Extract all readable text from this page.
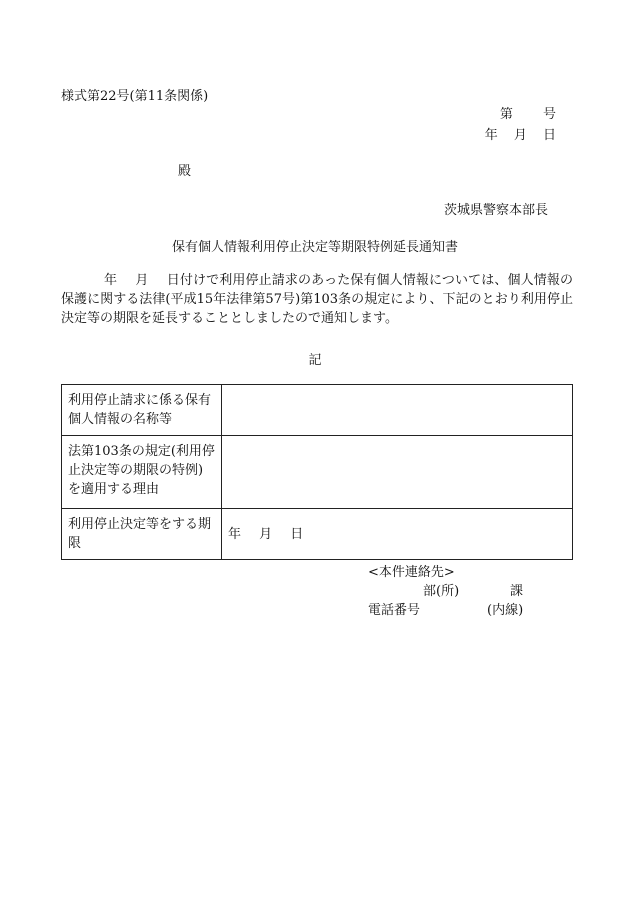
様式第22号(第11条関係)
第 号
年 月 日
殿
茨城県警察本部長
保有個人情報利用停止決定等期限特例延長通知書
年 月 日付けで利用停止請求のあった保有個人情報については、個人情報の保護に関する法律(平成15年法律第57号)第103条の規定により、下記のとおり利用停止決定等の期限を延長することとしましたので通知します。
記
利用停止請求に係る保有個人情報の名称等	
法第103条の規定(利用停止決定等の期限の特例)を適用する理由	
利用停止決定等をする期限	年 月 日
<本件連絡先>
部(所)	課
電話番号	(内線)
